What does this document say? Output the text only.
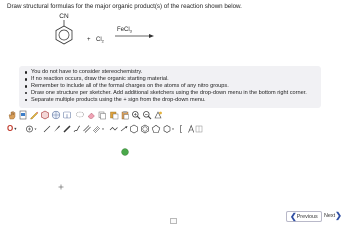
Draw structural formulas for the major organic product(s) of the reaction shown below.
CN
+ $Cl_2$
FeCl$_3$
You do not have to consider stereochemistry.
If no reaction occurs, draw the organic starting material.
Remember to include all of the formal charges on the atoms of any nitro groups.
Draw one structure per sketcher. Add additional sketchers using the drop-down menu in the bottom right corner.
Separate multiple products using the + sign from the drop-down menu.
[]
O ▾
❮Previous	Next❯
